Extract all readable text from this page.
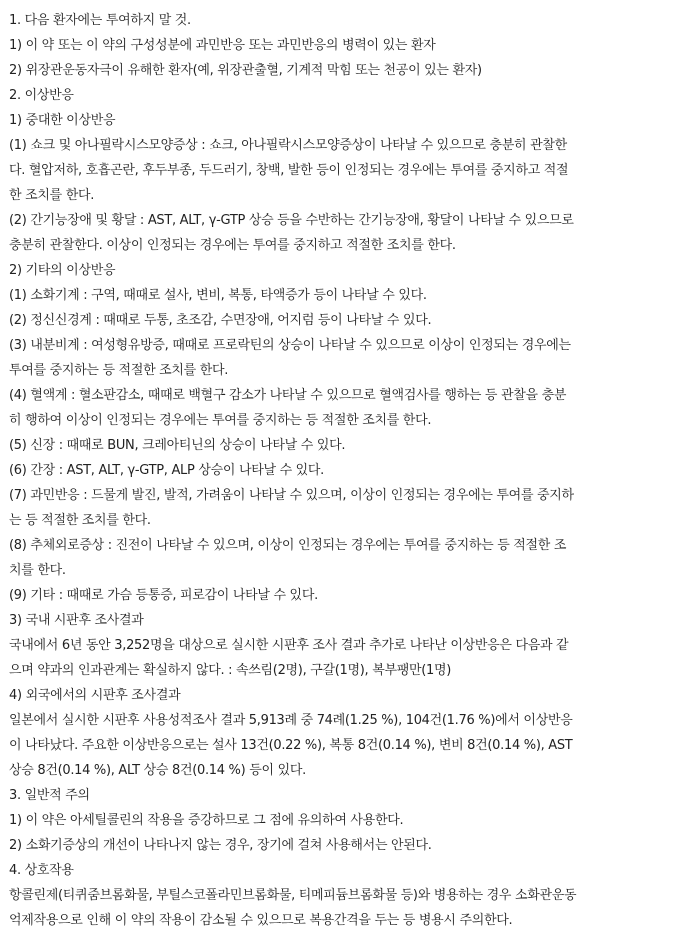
1. 다음 환자에는 투여하지 말 것.
1) 이 약 또는 이 약의 구성성분에 과민반응 또는 과민반응의 병력이 있는 환자
2) 위장관운동자극이 유해한 환자(예, 위장관출혈, 기계적 막힘 또는 천공이 있는 환자)
2. 이상반응
1) 중대한 이상반응
(1) 쇼크 및 아나필락시스모양증상 : 쇼크, 아나필락시스모양증상이 나타날 수 있으므로 충분히 관찰한
다. 혈압저하, 호흡곤란, 후두부종, 두드러기, 창백, 발한 등이 인정되는 경우에는 투여를 중지하고 적절
한 조치를 한다.
(2) 간기능장애 및 황달 : AST, ALT, γ-GTP 상승 등을 수반하는 간기능장애, 황달이 나타날 수 있으므로
충분히 관찰한다. 이상이 인정되는 경우에는 투여를 중지하고 적절한 조치를 한다.
2) 기타의 이상반응
(1) 소화기계 : 구역, 때때로 설사, 변비, 복통, 타액증가 등이 나타날 수 있다.
(2) 정신신경계 : 때때로 두통, 초조감, 수면장애, 어지럼 등이 나타날 수 있다.
(3) 내분비계 : 여성형유방증, 때때로 프로락틴의 상승이 나타날 수 있으므로 이상이 인정되는 경우에는
투여를 중지하는 등 적절한 조치를 한다.
(4) 혈액계 : 혈소판감소, 때때로 백혈구 감소가 나타날 수 있으므로 혈액검사를 행하는 등 관찰을 충분
히 행하여 이상이 인정되는 경우에는 투여를 중지하는 등 적절한 조치를 한다.
(5) 신장 : 때때로 BUN, 크레아티닌의 상승이 나타날 수 있다.
(6) 간장 : AST, ALT, γ-GTP, ALP 상승이 나타날 수 있다.
(7) 과민반응 : 드물게 발진, 발적, 가려움이 나타날 수 있으며, 이상이 인정되는 경우에는 투여를 중지하
는 등 적절한 조치를 한다.
(8) 추체외로증상 : 진전이 나타날 수 있으며, 이상이 인정되는 경우에는 투여를 중지하는 등 적절한 조
치를 한다.
(9) 기타 : 때때로 가슴 등통증, 피로감이 나타날 수 있다.
3) 국내 시판후 조사결과
국내에서 6년 동안 3,252명을 대상으로 실시한 시판후 조사 결과 추가로 나타난 이상반응은 다음과 같
으며 약과의 인과관계는 확실하지 않다. : 속쓰림(2명), 구갈(1명), 복부팽만(1명)
4) 외국에서의 시판후 조사결과
일본에서 실시한 시판후 사용성적조사 결과 5,913례 중 74례(1.25 %), 104건(1.76 %)에서 이상반응
이 나타났다. 주요한 이상반응으로는 설사 13건(0.22 %), 복통 8건(0.14 %), 변비 8건(0.14 %), AST
상승 8건(0.14 %), ALT 상승 8건(0.14 %) 등이 있다.
3. 일반적 주의
1) 이 약은 아세틸콜린의 작용을 증강하므로 그 점에 유의하여 사용한다.
2) 소화기증상의 개선이 나타나지 않는 경우, 장기에 걸쳐 사용해서는 안된다.
4. 상호작용
항콜린제(티퀴줌브롬화물, 부틸스코폴라민브롬화물, 티메피듐브롬화물 등)와 병용하는 경우 소화관운동
억제작용으로 인해 이 약의 작용이 감소될 수 있으므로 복용간격을 두는 등 병용시 주의한다.
